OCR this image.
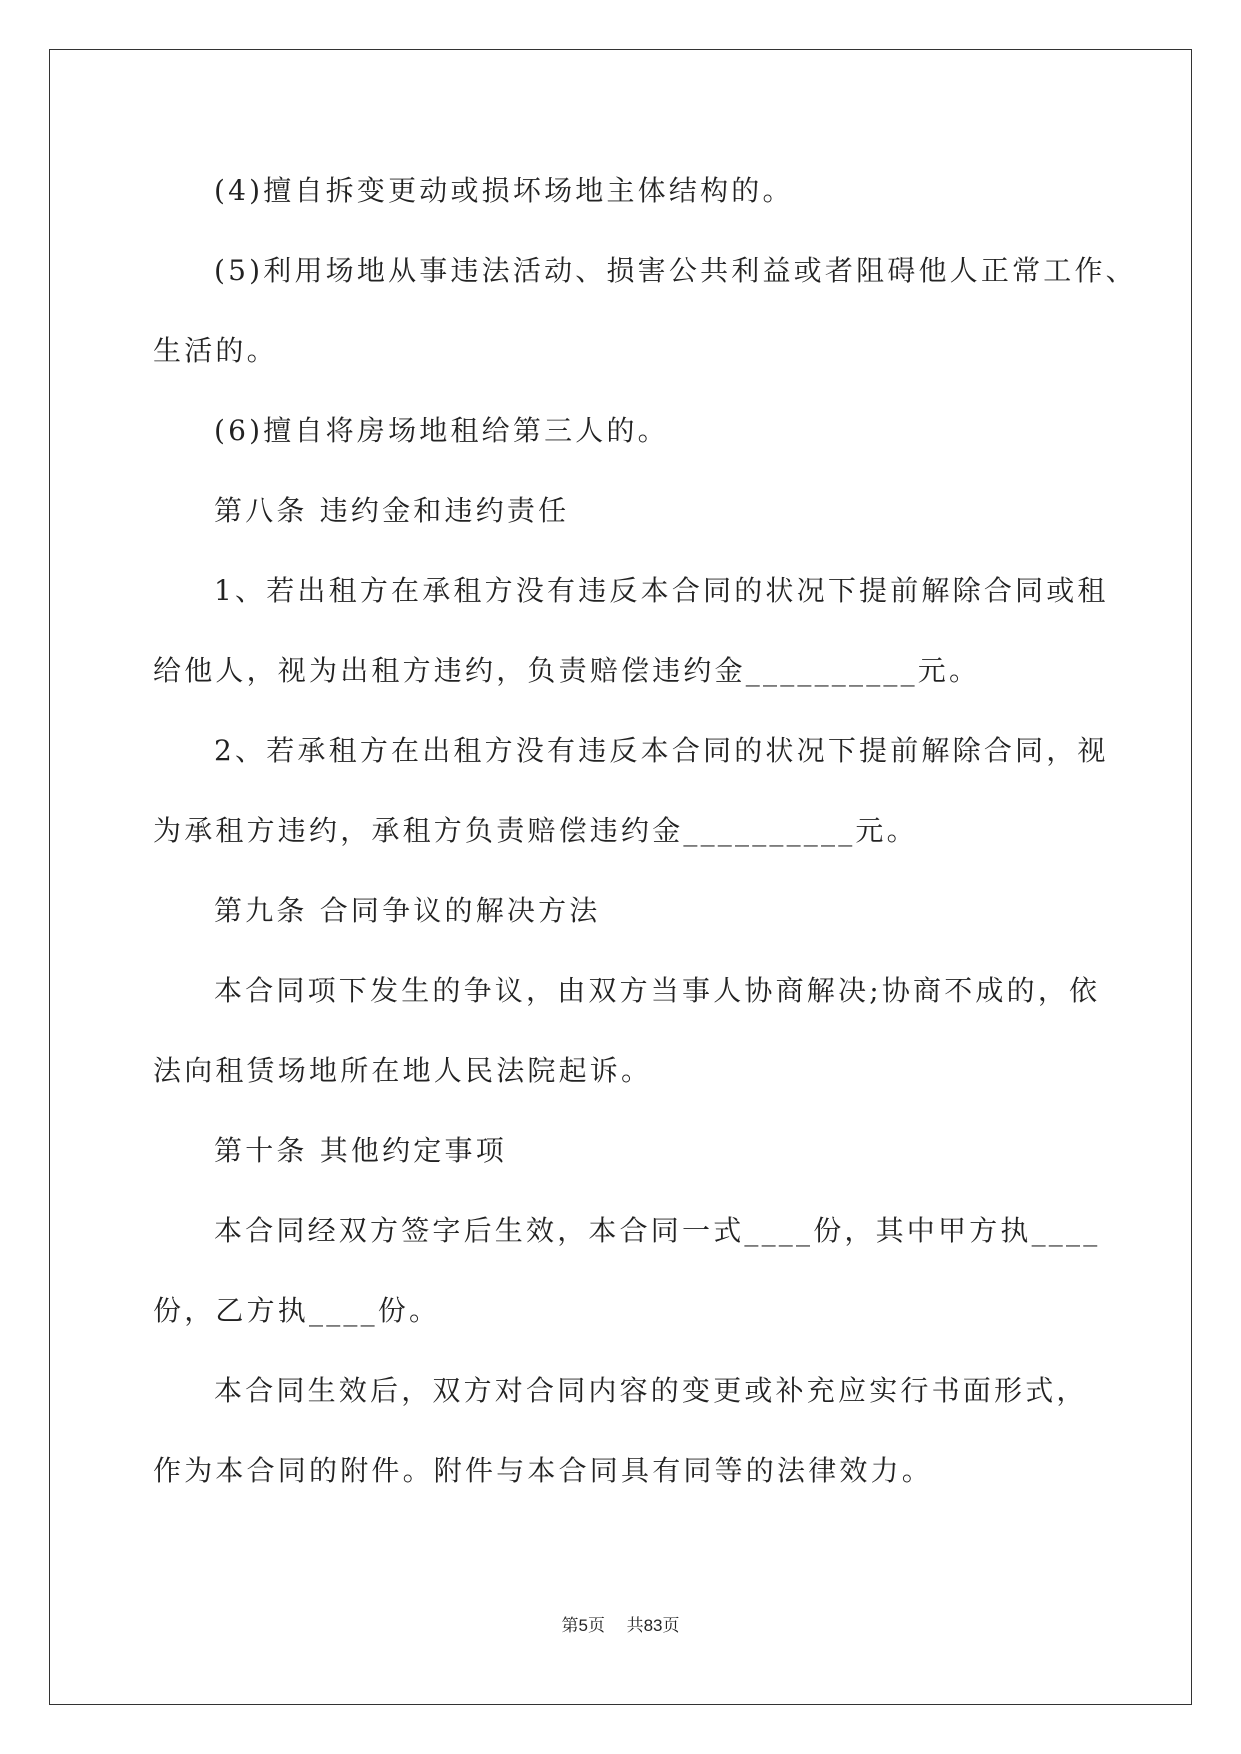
(4)擅自拆变更动或损坏场地主体结构的。

(5)利用场地从事违法活动、损害公共利益或者阻碍他人正常工作、

生活的。

(6)擅自将房场地租给第三人的。

第八条 违约金和违约责任

1、若出租方在承租方没有违反本合同的状况下提前解除合同或租

给他人，视为出租方违约，负责赔偿违约金__________元。

2、若承租方在出租方没有违反本合同的状况下提前解除合同，视

为承租方违约，承租方负责赔偿违约金__________元。

第九条 合同争议的解决方法

本合同项下发生的争议，由双方当事人协商解决;协商不成的，依

法向租赁场地所在地人民法院起诉。

第十条 其他约定事项

本合同经双方签字后生效，本合同一式____份，其中甲方执____

份，乙方执____份。

本合同生效后，双方对合同内容的变更或补充应实行书面形式，

作为本合同的附件。附件与本合同具有同等的法律效力。

第5页 共83页
